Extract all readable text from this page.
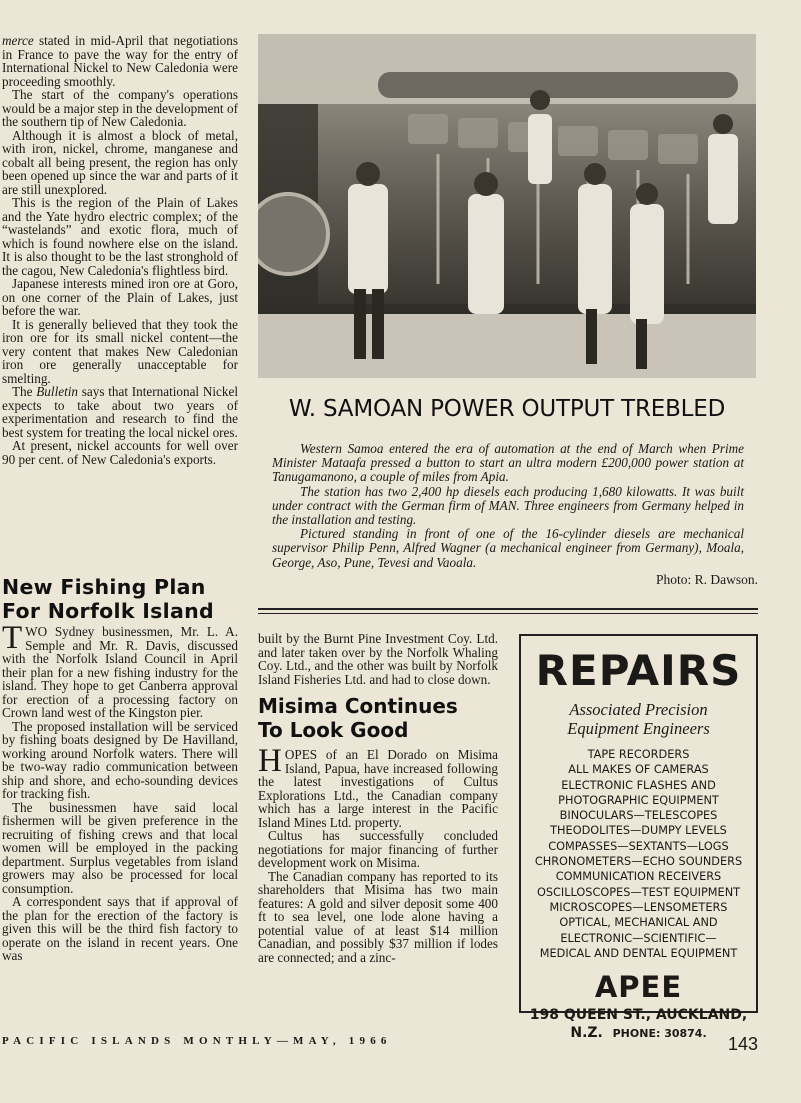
merce stated in mid-April that negotiations in France to pave the way for the entry of International Nickel to New Caledonia were proceeding smoothly.

The start of the company's operations would be a major step in the development of the southern tip of New Caledonia.

Although it is almost a block of metal, with iron, nickel, chrome, manganese and cobalt all being present, the region has only been opened up since the war and parts of it are still unexplored.

This is the region of the Plain of Lakes and the Yate hydro electric complex; of the “wastelands” and exotic flora, much of which is found nowhere else on the island. It is also thought to be the last stronghold of the cagou, New Caledonia's flightless bird.

Japanese interests mined iron ore at Goro, on one corner of the Plain of Lakes, just before the war.

It is generally believed that they took the iron ore for its small nickel content—the very content that makes New Caledonian iron ore generally unacceptable for smelting.

The Bulletin says that International Nickel expects to take about two years of experimentation and research to find the best system for treating the local nickel ores.

At present, nickel accounts for well over 90 per cent. of New Caledonia's exports.

New Fishing Plan
For Norfolk Island

TWO Sydney businessmen, Mr. L. A. Semple and Mr. R. Davis, discussed with the Norfolk Island Council in April their plan for a new fishing industry for the island. They hope to get Canberra approval for erection of a processing factory on Crown land west of the Kingston pier.

The proposed installation will be serviced by fishing boats designed by De Havilland, working around Norfolk waters. There will be two-way radio communication between ship and shore, and echo-sounding devices for tracking fish.

The businessmen have said local fishermen will be given preference in the recruiting of fishing crews and that local women will be employed in the packing department. Surplus vegetables from island growers may also be processed for local consumption.

A correspondent says that if approval of the plan for the erection of the factory is given this will be the third fish factory to operate on the island in recent years. One was

W. SAMOAN POWER OUTPUT TREBLED

Western Samoa entered the era of automation at the end of March when Prime Minister Mataafa pressed a button to start an ultra modern £200,000 power station at Tanugamanono, a couple of miles from Apia.

The station has two 2,400 hp diesels each producing 1,680 kilowatts. It was built under contract with the German firm of MAN. Three engineers from Germany helped in the installation and testing.

Pictured standing in front of one of the 16-cylinder diesels are mechanical supervisor Philip Penn, Alfred Wagner (a mechanical engineer from Germany), Moala, George, Aso, Pune, Tevesi and Vaoala.

Photo: R. Dawson.

built by the Burnt Pine Investment Coy. Ltd. and later taken over by the Norfolk Whaling Coy. Ltd., and the other was built by Norfolk Island Fisheries Ltd. and had to close down.

Misima Continues
To Look Good

HOPES of an El Dorado on Misima Island, Papua, have increased following the latest investigations of Cultus Explorations Ltd., the Canadian company which has a large interest in the Pacific Island Mines Ltd. property.

Cultus has successfully concluded negotiations for major financing of further development work on Misima.

The Canadian company has reported to its shareholders that Misima has two main features: A gold and silver deposit some 400 ft to sea level, one lode alone having a potential value of at least $14 million Canadian, and possibly $37 million if lodes are connected; and a zinc-

REPAIRS
Associated Precision
Equipment Engineers
TAPE RECORDERS
ALL MAKES OF CAMERAS
ELECTRONIC FLASHES AND
PHOTOGRAPHIC EQUIPMENT
BINOCULARS—TELESCOPES
THEODOLITES—DUMPY LEVELS
COMPASSES—SEXTANTS—LOGS
CHRONOMETERS—ECHO SOUNDERS
COMMUNICATION RECEIVERS
OSCILLOSCOPES—TEST EQUIPMENT
MICROSCOPES—LENSOMETERS
OPTICAL, MECHANICAL AND
ELECTRONIC—SCIENTIFIC—
MEDICAL AND DENTAL EQUIPMENT
APEE
198 QUEEN ST., AUCKLAND,
N.Z. PHONE: 30874.
PACIFIC ISLANDS MONTHLY—MAY, 1966	143
